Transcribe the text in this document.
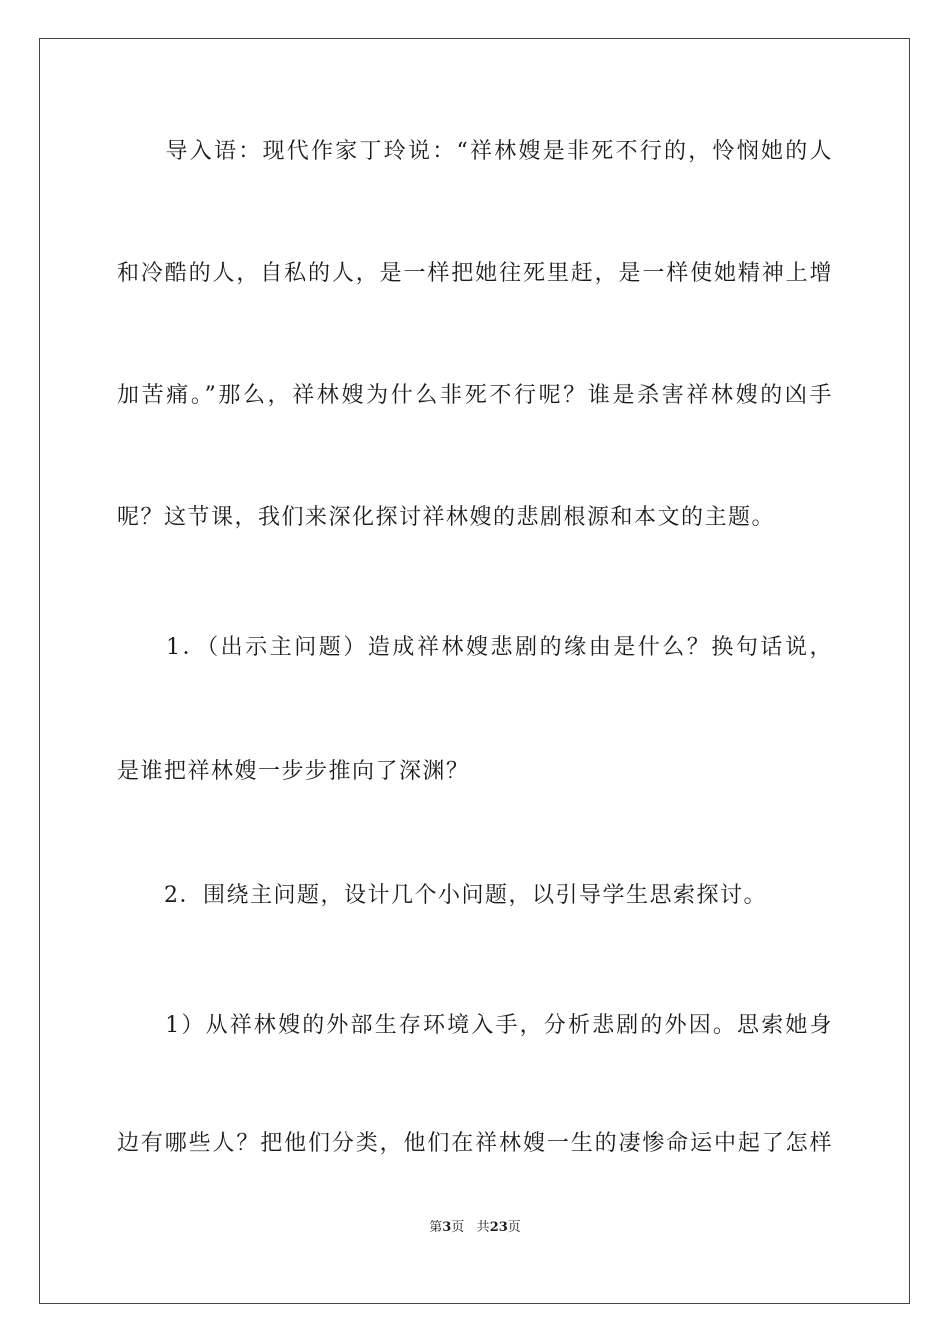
　　导入语：现代作家丁玲说：“祥林嫂是非死不行的，怜悯她的人
和冷酷的人，自私的人，是一样把她往死里赶，是一样使她精神上增
加苦痛。”那么，祥林嫂为什么非死不行呢？谁是杀害祥林嫂的凶手
呢？这节课，我们来深化探讨祥林嫂的悲剧根源和本文的主题。
　　1．（出示主问题）造成祥林嫂悲剧的缘由是什么？换句话说，
是谁把祥林嫂一步步推向了深渊？
　　2．围绕主问题，设计几个小问题，以引导学生思索探讨。
　　1）从祥林嫂的外部生存环境入手，分析悲剧的外因。思索她身
边有哪些人？把他们分类，他们在祥林嫂一生的凄惨命运中起了怎样
第3页 共23页
